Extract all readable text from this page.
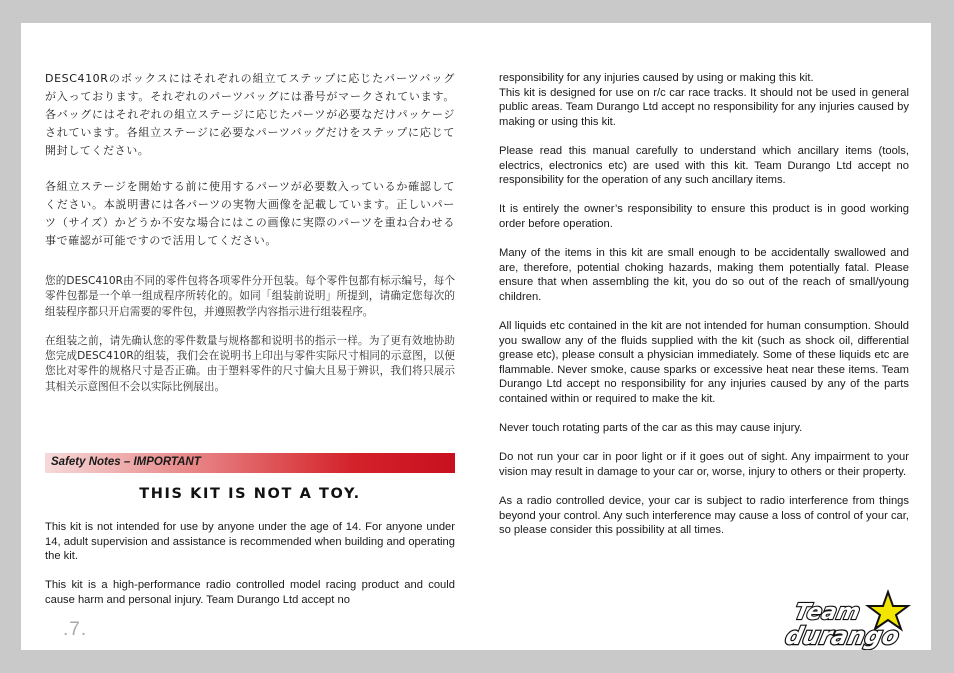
DESC410Rのボックスにはそれぞれの組立てステップに応じたパーツバッグが入っております。それぞれのパーツバッグには番号がマークされています。各バッグにはそれぞれの組立ステージに応じたパーツが必要なだけパッケージされています。各組立ステージに必要なパーツバッグだけをステップに応じて開封してください。

各組立ステージを開始する前に使用するパーツが必要数入っているか確認してください。本説明書には各パーツの実物大画像を記載しています。正しいパーツ（サイズ）かどうか不安な場合にはこの画像に実際のパーツを重ね合わせる事で確認が可能ですので活用してください。

您的DESC410R由不同的零件包将各项零件分开包装。每个零件包都有标示编号，每个零件包都是一个单一组成程序所转化的。如同「组装前说明」所提到，请确定您每次的组装程序都只开启需要的零件包，并遵照教学内容指示进行组装程序。

在组装之前，请先确认您的零件数量与规格都和说明书的指示一样。为了更有效地协助您完成DESC410R的组装，我们会在说明书上印出与零件实际尺寸相同的示意图，以便您比对零件的规格尺寸是否正确。由于塑料零件的尺寸偏大且易于辨识，我们将只展示其相关示意图但不会以实际比例展出。

Safety Notes – IMPORTANT
THIS KIT IS NOT A TOY.

This kit is not intended for use by anyone under the age of 14. For anyone under 14, adult supervision and assistance is recommended when building and operating the kit.

This kit is a high-performance radio controlled model racing product and could cause harm and personal injury. Team Durango Ltd accept no

responsibility for any injuries caused by using or making this kit.
This kit is designed for use on r/c car race tracks. It should not be used in general public areas. Team Durango Ltd accept no responsibility for any injuries caused by making or using this kit.

Please read this manual carefully to understand which ancillary items (tools, electrics, electronics etc) are used with this kit. Team Durango Ltd accept no responsibility for the operation of any such ancillary items.

It is entirely the owner’s responsibility to ensure this product is in good working order before operation.

Many of the items in this kit are small enough to be accidentally swallowed and are, therefore, potential choking hazards, making them potentially fatal. Please ensure that when assembling the kit, you do so out of the reach of small/young children.

All liquids etc contained in the kit are not intended for human consumption. Should you swallow any of the fluids supplied with the kit (such as shock oil, differential grease etc), please consult a physician immediately. Some of these liquids etc are flammable. Never smoke, cause sparks or excessive heat near these items. Team Durango Ltd accept no responsibility for any injuries caused by any of the parts contained within or required to make the kit.

Never touch rotating parts of the car as this may cause injury.

Do not run your car in poor light or if it goes out of sight. Any impairment to your vision may result in damage to your car or, worse, injury to others or their property.

As a radio controlled device, your car is subject to radio interference from things beyond your control. Any such interference may cause a loss of control of your car, so please consider this possibility at all times.

.7.
Team
durango
